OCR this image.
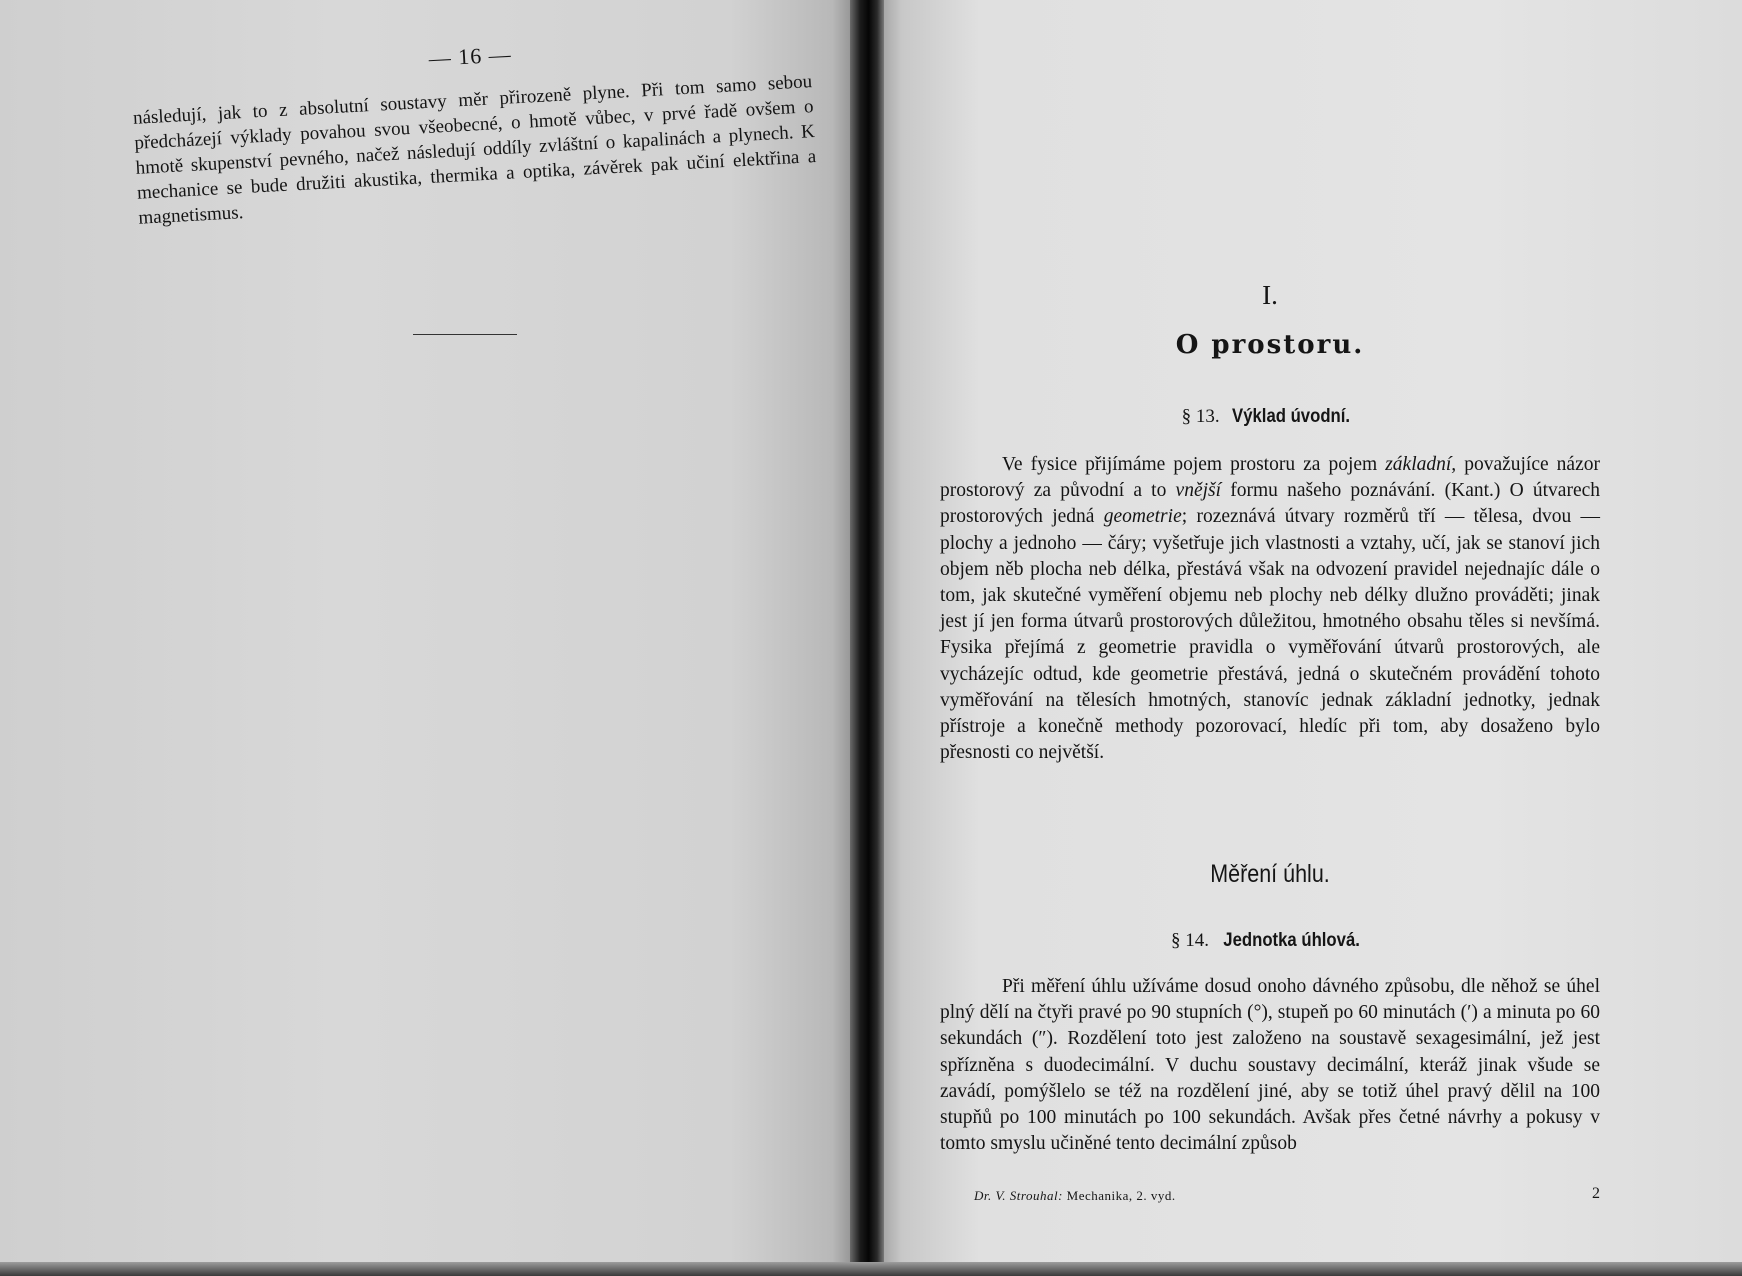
— 16 —

následují, jak to z absolutní soustavy měr přirozeně plyne. Při tom samo sebou předcházejí výklady povahou svou všeobecné, o hmotě vůbec, v prvé řadě ovšem o hmotě skupenství pevného, načež následují oddíly zvláštní o kapalinách a plynech. K mechanice se bude družiti akustika, thermika a optika, závěrek pak učiní elektřina a magnetismus.

I.
O prostoru.
§ 13. Výklad úvodní.

Ve fysice přijímáme pojem prostoru za pojem základní, považujíce názor prostorový za původní a to vnější formu našeho poznávání. (Kant.) O útvarech prostorových jedná geometrie; rozeznává útvary rozměrů tří — tělesa, dvou — plochy a jednoho — čáry; vyšetřuje jich vlastnosti a vztahy, učí, jak se stanoví jich objem něb plocha neb délka, přestává však na odvození pravidel nejednajíc dále o tom, jak skutečné vyměření objemu neb plochy neb délky dlužno prováděti; jinak jest jí jen forma útvarů prostorových důležitou, hmotného obsahu těles si nevšímá. Fysika přejímá z geometrie pravidla o vyměřování útvarů prostorových, ale vycházejíc odtud, kde geometrie přestává, jedná o skutečném provádění tohoto vyměřování na tělesích hmotných, stanovíc jednak základní jednotky, jednak přístroje a konečně methody pozorovací, hledíc při tom, aby dosaženo bylo přesnosti co největší.

Měření úhlu.
§ 14. Jednotka úhlová.

Při měření úhlu užíváme dosud onoho dávného způsobu, dle něhož se úhel plný dělí na čtyři pravé po 90 stupních (°), stupeň po 60 minutách (′) a minuta po 60 sekundách (″). Rozdělení toto jest založeno na soustavě sexagesimální, jež jest spřízněna s duodecimální. V duchu soustavy decimální, kteráž jinak všude se zavádí, pomýšlelo se též na rozdělení jiné, aby se totiž úhel pravý dělil na 100 stupňů po 100 minutách po 100 sekundách. Avšak přes četné návrhy a pokusy v tomto smyslu učiněné tento decimální způsob

Dr. V. Strouhal: Mechanika, 2. vyd.	2
